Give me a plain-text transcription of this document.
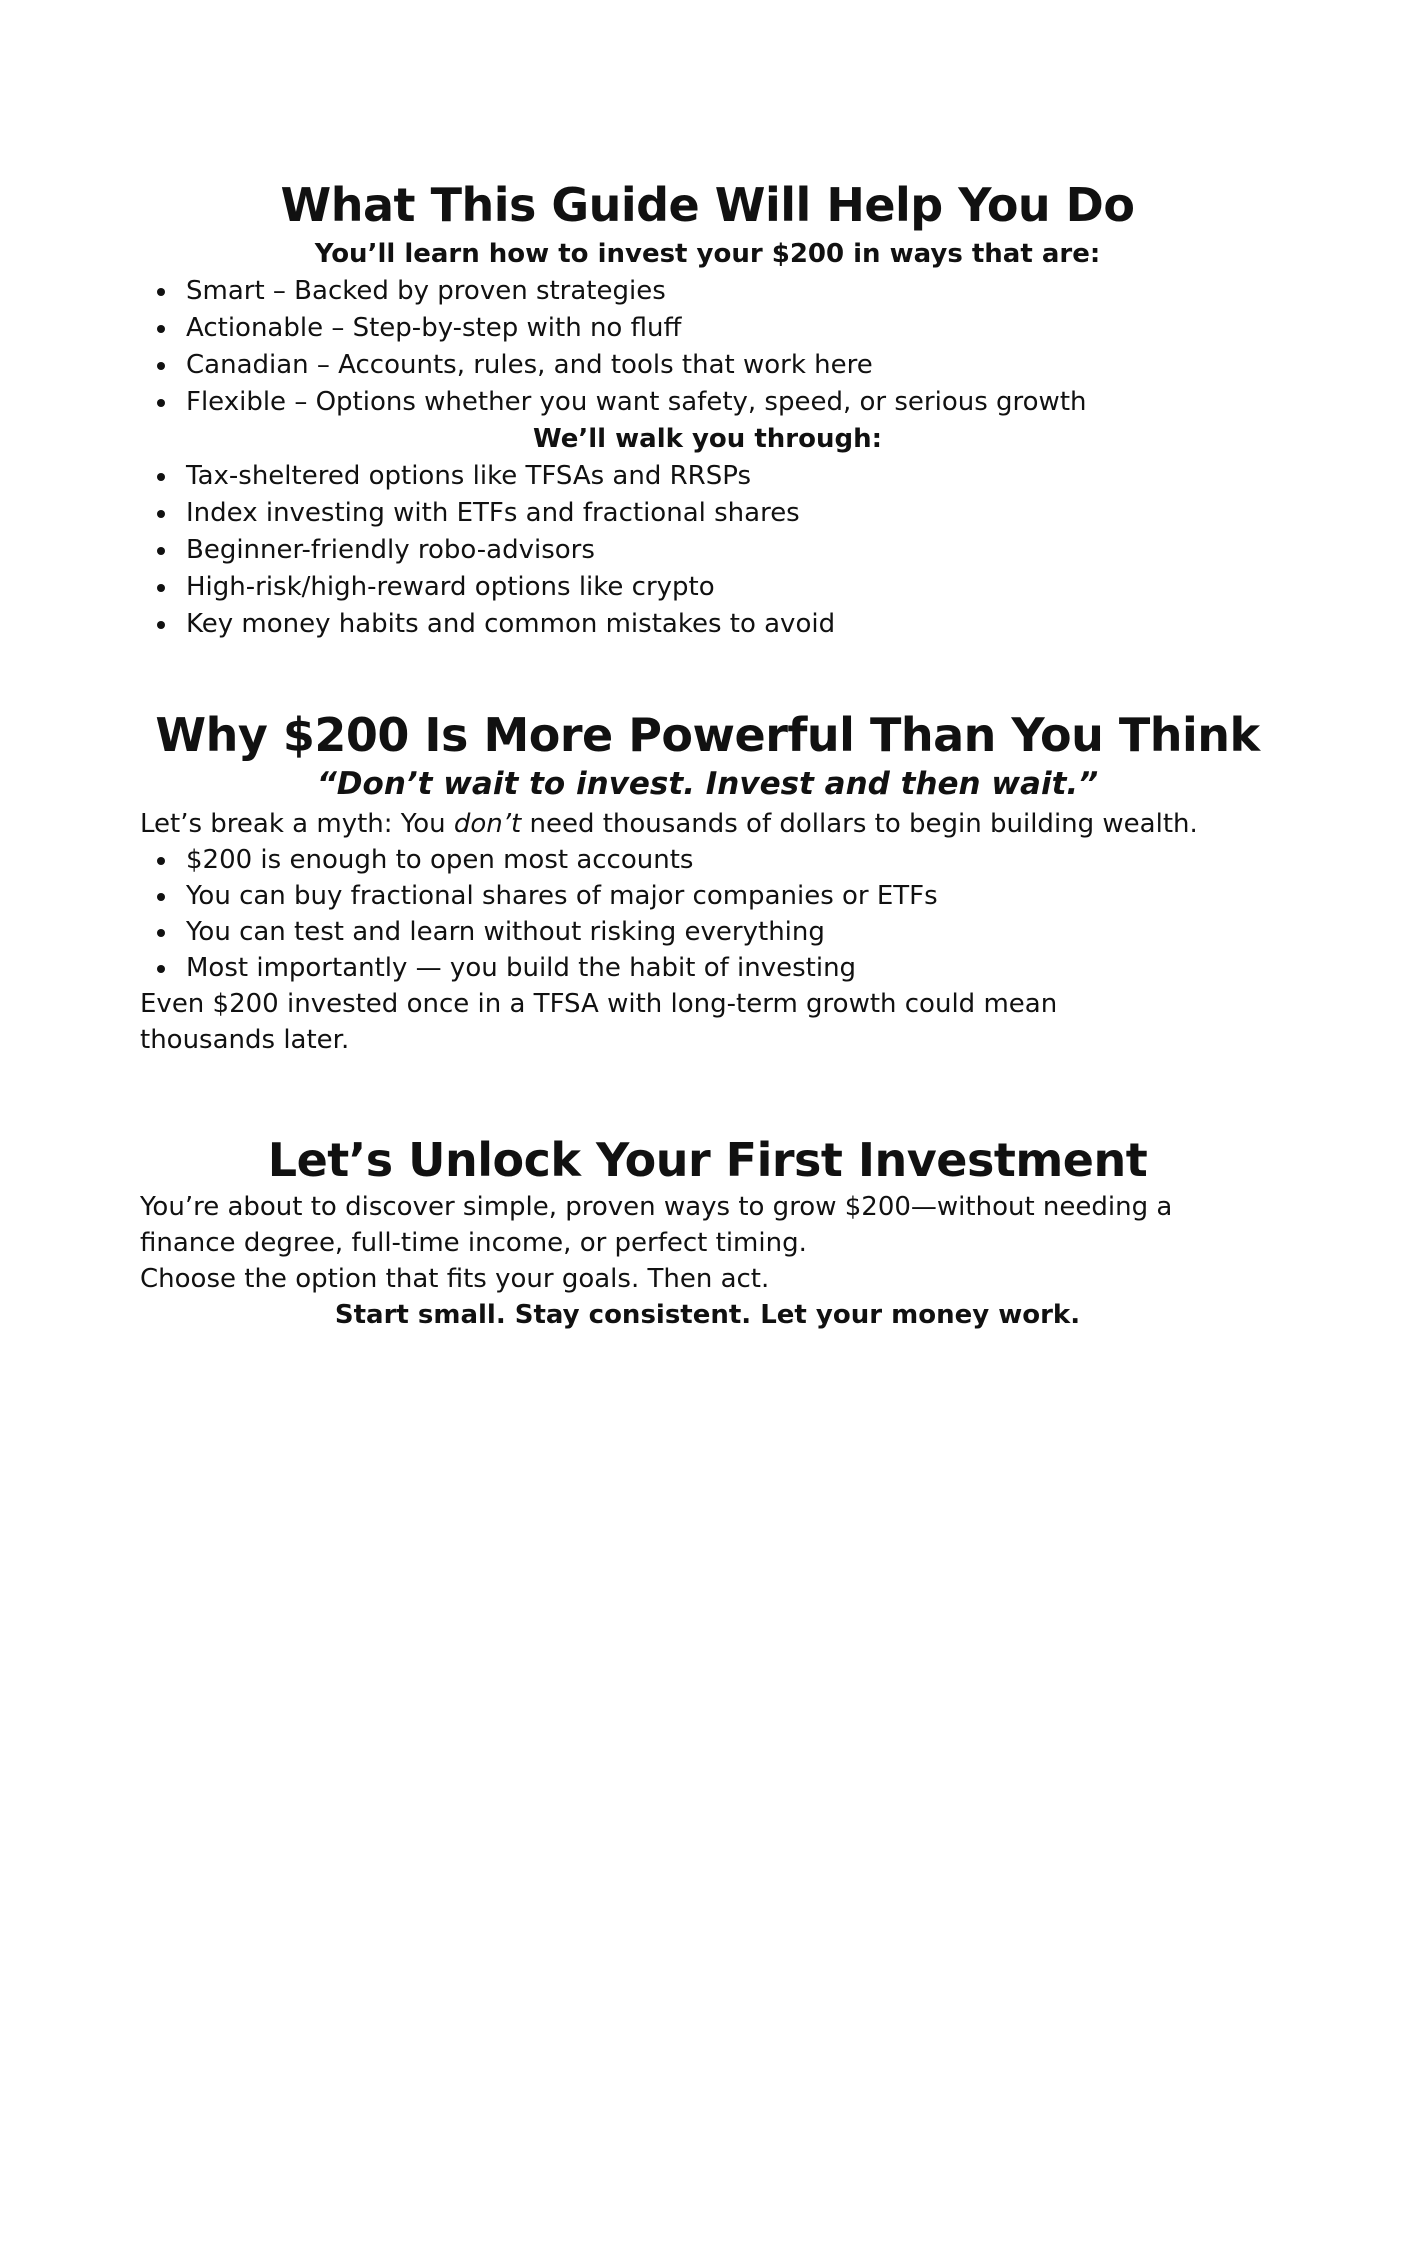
What This Guide Will Help You Do

You’ll learn how to invest your $200 in ways that are:

Smart – Backed by proven strategies
Actionable – Step-by-step with no fluff
Canadian – Accounts, rules, and tools that work here
Flexible – Options whether you want safety, speed, or serious growth

We’ll walk you through:

Tax-sheltered options like TFSAs and RRSPs
Index investing with ETFs and fractional shares
Beginner-friendly robo-advisors
High-risk/high-reward options like crypto
Key money habits and common mistakes to avoid
Why $200 Is More Powerful Than You Think

“Don’t wait to invest. Invest and then wait.”

Let’s break a myth: You don’t need thousands of dollars to begin building wealth.

$200 is enough to open most accounts
You can buy fractional shares of major companies or ETFs
You can test and learn without risking everything
Most importantly — you build the habit of investing

Even $200 invested once in a TFSA with long-term growth could mean thousands later.

Let’s Unlock Your First Investment

You’re about to discover simple, proven ways to grow $200—without needing a finance degree, full-time income, or perfect timing.

Choose the option that fits your goals. Then act.

Start small. Stay consistent. Let your money work.
